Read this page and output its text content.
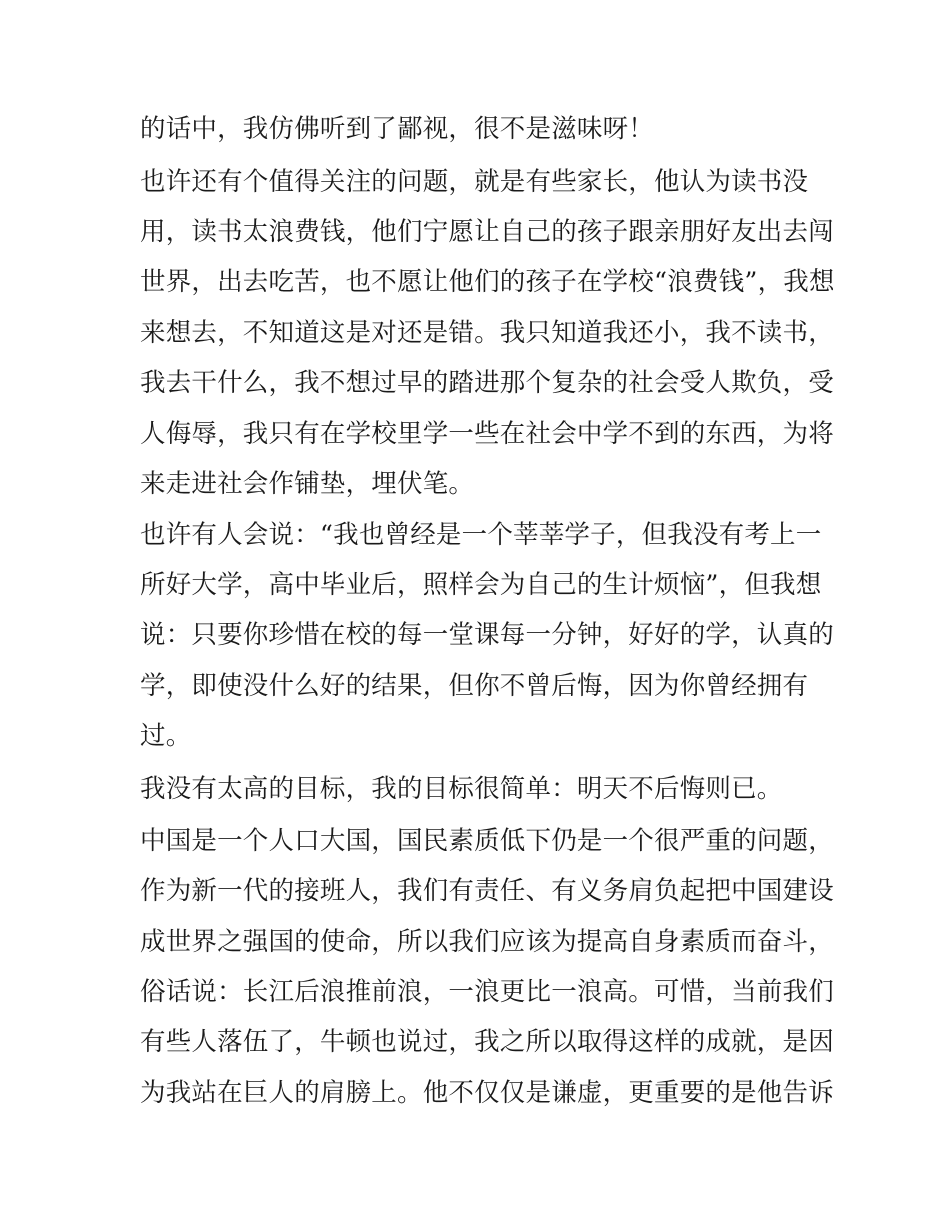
的话中，我仿佛听到了鄙视，很不是滋味呀！
也许还有个值得关注的问题，就是有些家长，他认为读书没
用，读书太浪费钱，他们宁愿让自己的孩子跟亲朋好友出去闯
世界，出去吃苦，也不愿让他们的孩子在学校“浪费钱”，我想
来想去，不知道这是对还是错。我只知道我还小，我不读书，
我去干什么，我不想过早的踏进那个复杂的社会受人欺负，受
人侮辱，我只有在学校里学一些在社会中学不到的东西，为将
来走进社会作铺垫，埋伏笔。
也许有人会说：“我也曾经是一个莘莘学子，但我没有考上一
所好大学，高中毕业后，照样会为自己的生计烦恼”，但我想
说：只要你珍惜在校的每一堂课每一分钟，好好的学，认真的
学，即使没什么好的结果，但你不曾后悔，因为你曾经拥有
过。
我没有太高的目标，我的目标很简单：明天不后悔则已。
中国是一个人口大国，国民素质低下仍是一个很严重的问题，
作为新一代的接班人，我们有责任、有义务肩负起把中国建设
成世界之强国的使命，所以我们应该为提高自身素质而奋斗，
俗话说：长江后浪推前浪，一浪更比一浪高。可惜，当前我们
有些人落伍了，牛顿也说过，我之所以取得这样的成就，是因
为我站在巨人的肩膀上。他不仅仅是谦虚，更重要的是他告诉
